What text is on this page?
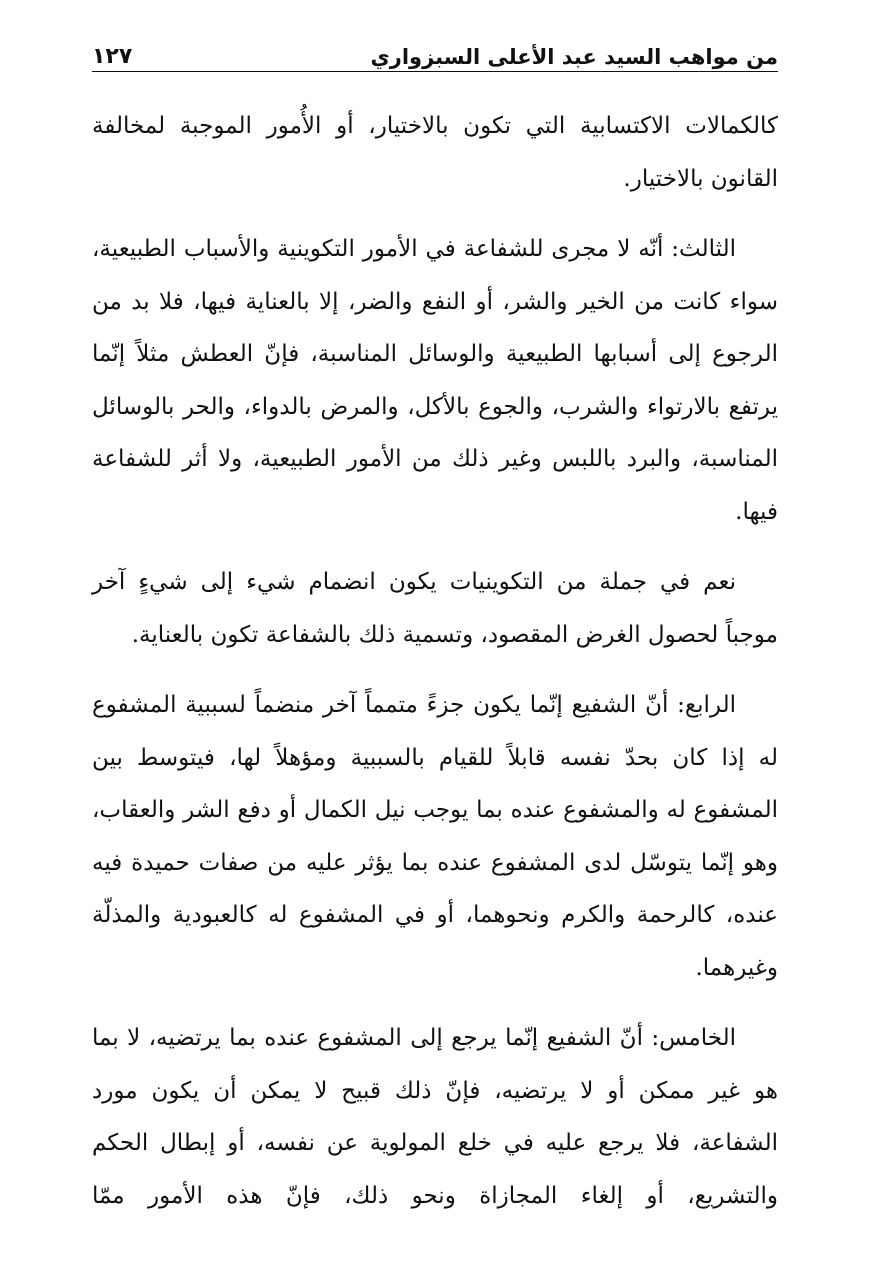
من مواهب السيد عبد الأعلى السبزواري
١٢٧

كالكمالات الاكتسابية التي تكون بالاختيار، أو الأُمور الموجبة لمخالفة القانون بالاختيار.

الثالث: أنّه لا مجرى للشفاعة في الأمور التكوينية والأسباب الطبيعية، سواء كانت من الخير والشر، أو النفع والضر، إلا بالعناية فيها، فلا بد من الرجوع إلى أسبابها الطبيعية والوسائل المناسبة، فإنّ العطش مثلاً إنّما يرتفع بالارتواء والشرب، والجوع بالأكل، والمرض بالدواء، والحر بالوسائل المناسبة، والبرد باللبس وغير ذلك من الأمور الطبيعية، ولا أثر للشفاعة فيها.

نعم في جملة من التكوينيات يكون انضمام شيء إلى شيءٍ آخر موجباً لحصول الغرض المقصود، وتسمية ذلك بالشفاعة تكون بالعناية.

الرابع: أنّ الشفيع إنّما يكون جزءً متمماً آخر منضماً لسببية المشفوع له إذا كان بحدّ نفسه قابلاً للقيام بالسببية ومؤهلاً لها، فيتوسط بين المشفوع له والمشفوع عنده بما يوجب نيل الكمال أو دفع الشر والعقاب، وهو إنّما يتوسّل لدى المشفوع عنده بما يؤثر عليه من صفات حميدة فيه عنده، كالرحمة والكرم ونحوهما، أو في المشفوع له كالعبودية والمذلّة وغيرهما.

الخامس: أنّ الشفيع إنّما يرجع إلى المشفوع عنده بما يرتضيه، لا بما هو غير ممكن أو لا يرتضيه، فإنّ ذلك قبيح لا يمكن أن يكون مورد الشفاعة، فلا يرجع عليه في خلع المولوية عن نفسه، أو إبطال الحكم والتشريع، أو إلغاء المجازاة ونحو ذلك، فإنّ هذه الأمور ممّا
